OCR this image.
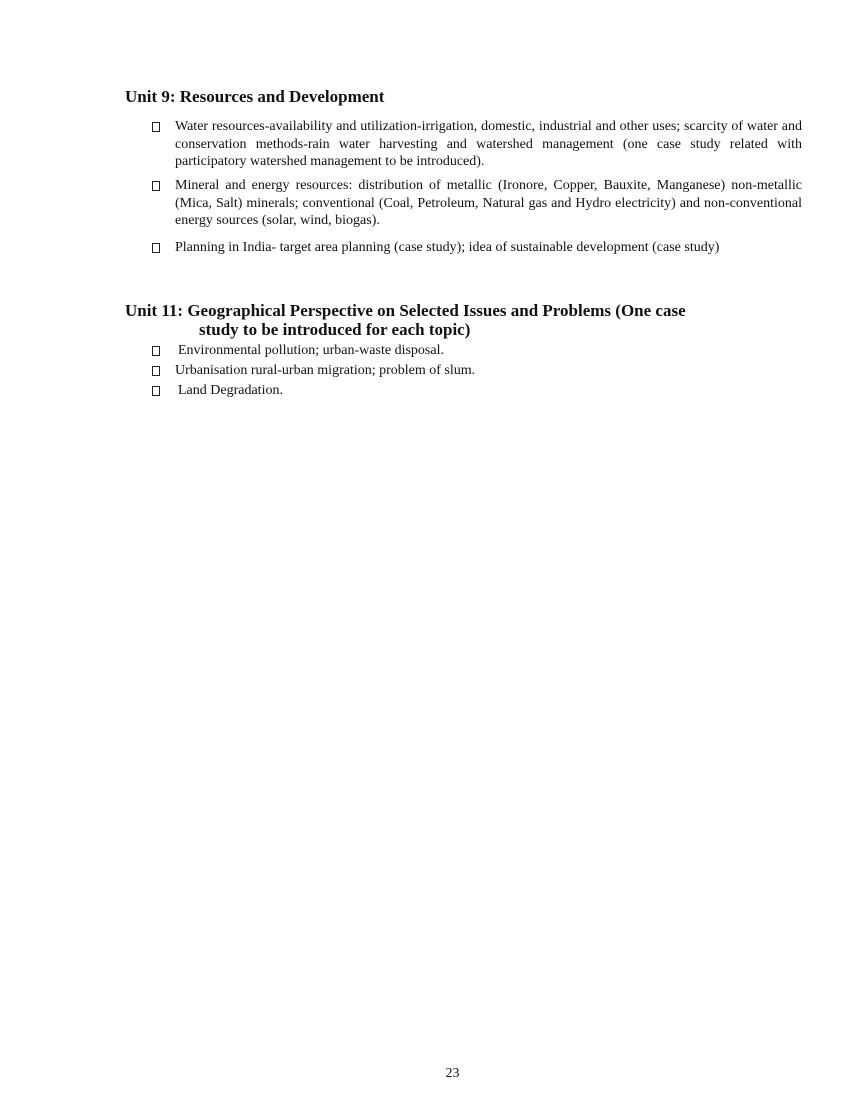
Unit 9: Resources and Development
Water resources-availability and utilization-irrigation, domestic, industrial and other uses; scarcity of water and conservation methods-rain water harvesting and watershed management (one case study related with participatory watershed management to be introduced).
Mineral and energy resources: distribution of metallic (Ironore, Copper, Bauxite, Manganese) non-metallic (Mica, Salt) minerals; conventional (Coal, Petroleum, Natural gas and Hydro electricity) and non-conventional energy sources (solar, wind, biogas).
Planning in India- target area planning (case study); idea of sustainable development (case study)
Unit 11: Geographical Perspective on Selected Issues and Problems (One case
study to be introduced for each topic)
Environmental pollution; urban-waste disposal.
Urbanisation rural-urban migration; problem of slum.
Land Degradation.
23
